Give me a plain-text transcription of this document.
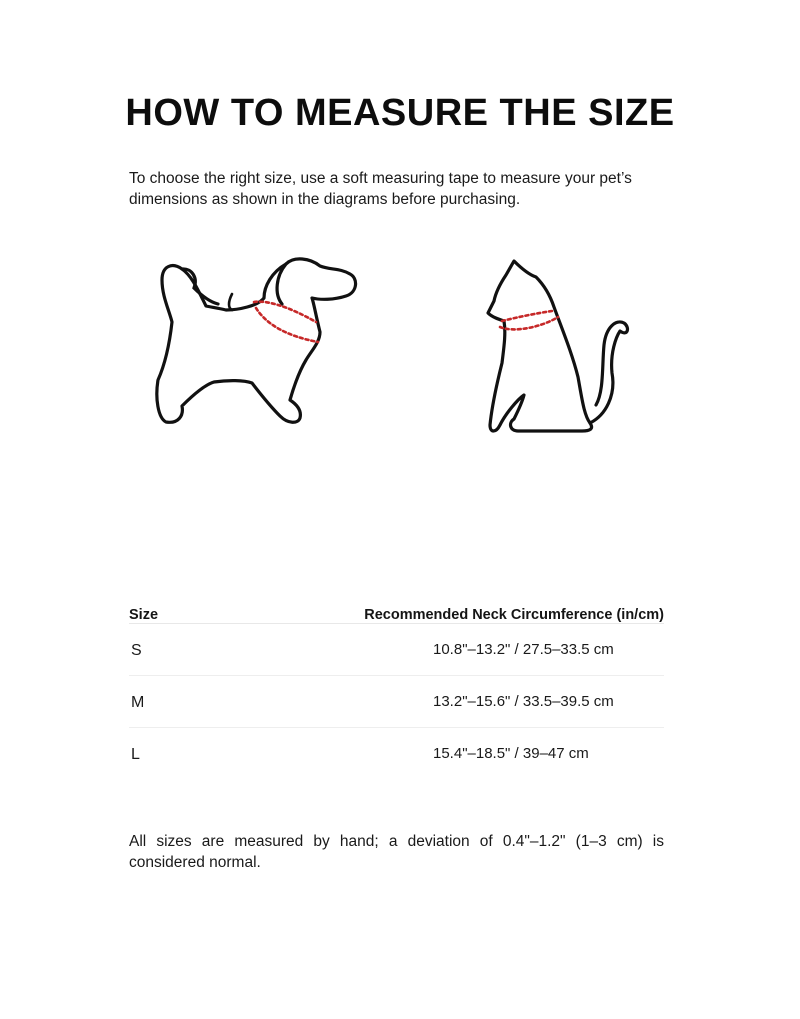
HOW TO MEASURE THE SIZE

To choose the right size, use a soft measuring tape to measure your pet’s dimensions as shown in the diagrams before purchasing.

Size	Recommended Neck Circumference (in/cm)
S	10.8"–13.2" / 27.5–33.5 cm
M	13.2"–15.6" / 33.5–39.5 cm
L	15.4"–18.5" / 39–47 cm

All sizes are measured by hand; a deviation of 0.4"–1.2" (1–3 cm) is considered normal.
